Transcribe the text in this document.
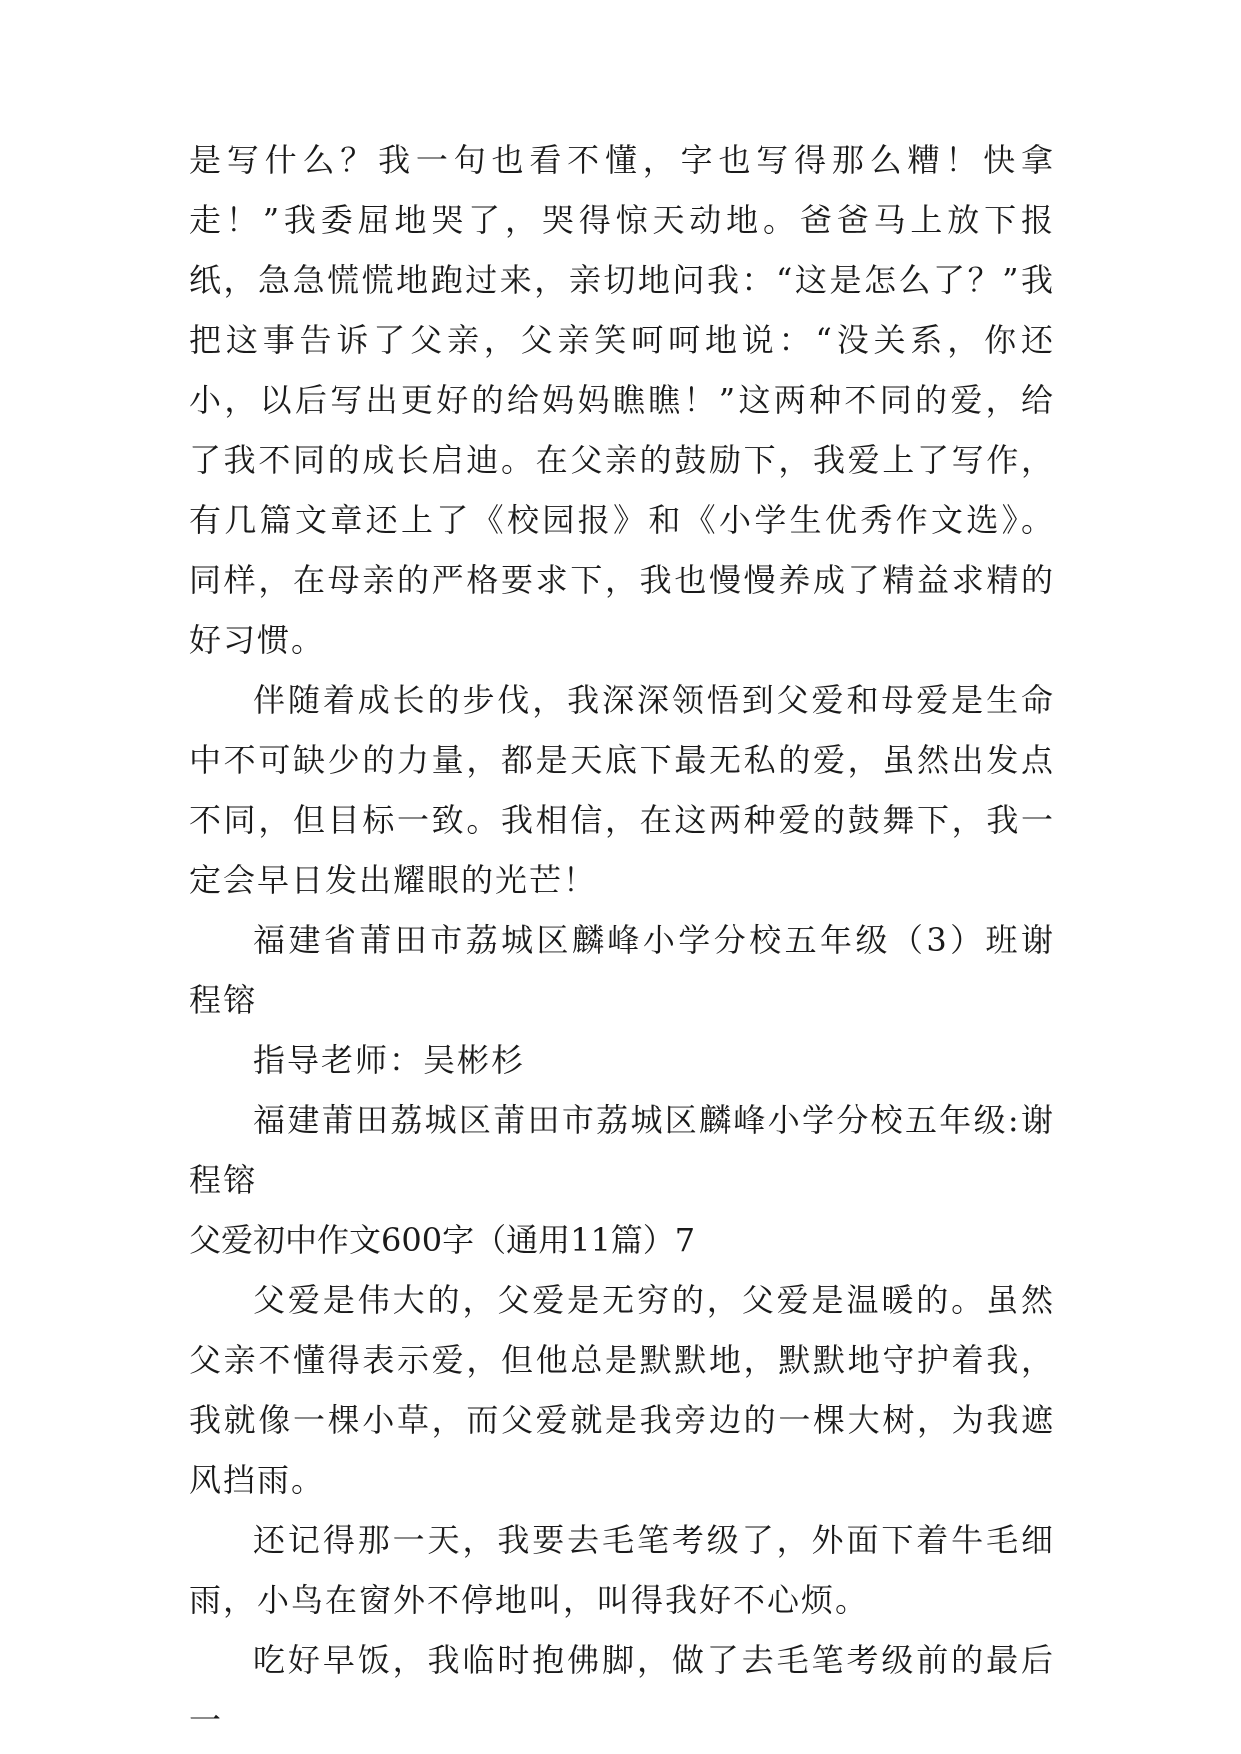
是写什么？我一句也看不懂，字也写得那么糟！快拿走！”我委屈地哭了，哭得惊天动地。爸爸马上放下报纸，急急慌慌地跑过来，亲切地问我：“这是怎么了？”我把这事告诉了父亲，父亲笑呵呵地说：“没关系，你还小，以后写出更好的给妈妈瞧瞧！”这两种不同的爱，给了我不同的成长启迪。在父亲的鼓励下，我爱上了写作，有几篇文章还上了《校园报》和《小学生优秀作文选》。同样，在母亲的严格要求下，我也慢慢养成了精益求精的好习惯。

伴随着成长的步伐，我深深领悟到父爱和母爱是生命中不可缺少的力量，都是天底下最无私的爱，虽然出发点不同，但目标一致。我相信，在这两种爱的鼓舞下，我一定会早日发出耀眼的光芒！

福建省莆田市荔城区麟峰小学分校五年级（3）班谢程镕

指导老师：吴彬杉

福建莆田荔城区莆田市荔城区麟峰小学分校五年级:谢程镕

父爱初中作文600字（通用11篇）7

父爱是伟大的，父爱是无穷的，父爱是温暖的。虽然父亲不懂得表示爱，但他总是默默地，默默地守护着我，我就像一棵小草，而父爱就是我旁边的一棵大树，为我遮风挡雨。

还记得那一天，我要去毛笔考级了，外面下着牛毛细雨，小鸟在窗外不停地叫，叫得我好不心烦。

吃好早饭，我临时抱佛脚，做了去毛笔考级前的最后一
